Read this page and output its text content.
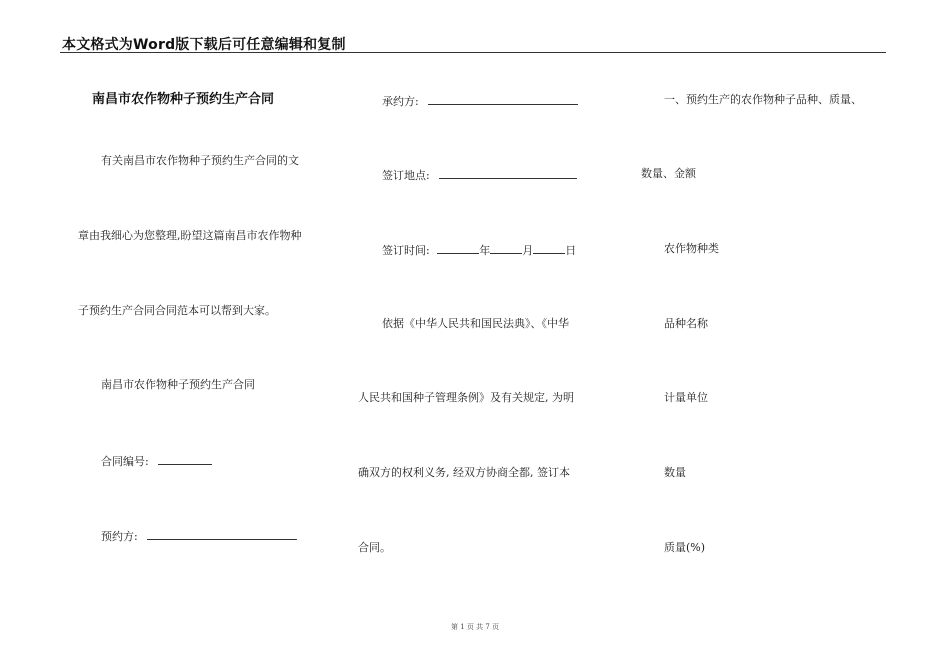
本文格式为Word版下载后可任意编辑和复制
南昌市农作物种子预约生产合同
有关南昌市农作物种子预约生产合同的文
章由我细心为您整理,盼望这篇南昌市农作物种
子预约生产合同合同范本可以帮到大家。
南昌市农作物种子预约生产合同
合同编号:
预约方:
承约方:
签订地点:
签订时间:	年	月	日
依据《中华人民共和国民法典》、《中华
人民共和国种子管理条例》及有关规定, 为明
确双方的权利义务, 经双方协商全都, 签订本
合同。
一、预约生产的农作物种子品种、质量、
数量、金额
农作物种类
品种名称
计量单位
数量
质量(%)
第 1 页 共 7 页
